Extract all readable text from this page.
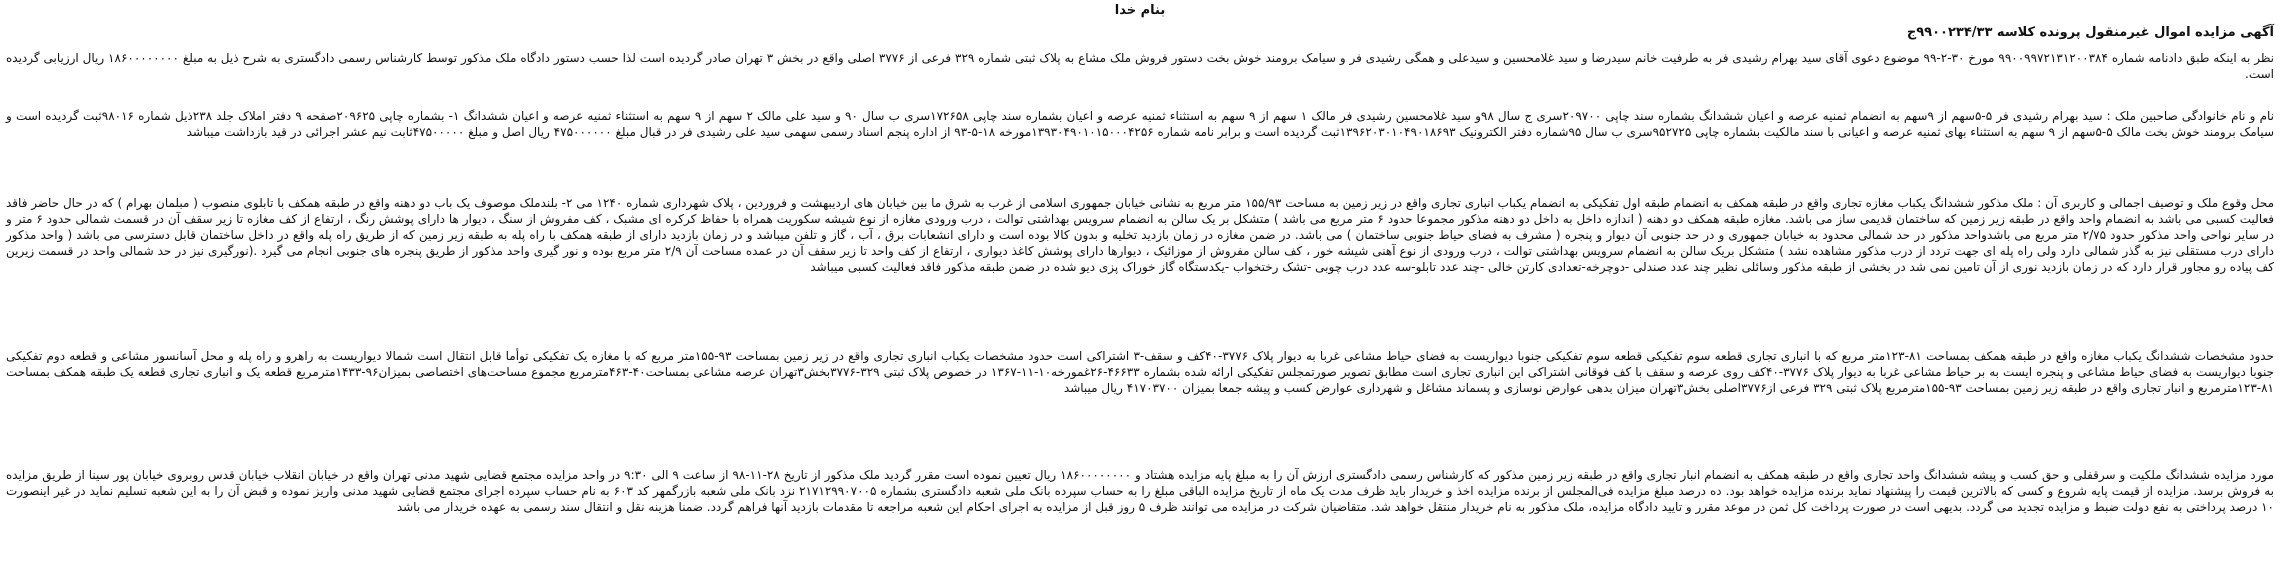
بنام خدا
آگهی مزایده اموال غیرمنقول پرونده کلاسه ۹۹۰۰۲۳۴/۳۳ج

نظر به اینکه طبق دادنامه شماره ۹۹۰۰۹۹۷۲۱۳۱۲۰۰۳۸۴ مورخ ۳۰-۲-۹۹ موضوع دعوی آقای سید بهرام رشیدی فر به طرفیت خانم سیدرضا و سید غلامحسین و سیدعلی و همگی رشیدی فر و سیامک برومند خوش بخت دستور فروش ملک مشاع به پلاک ثبتی شماره ۳۲۹ فرعی از ۳۷۷۶ اصلی واقع در بخش ۳ تهران صادر گردیده است لذا حسب دستور دادگاه ملک مذکور توسط کارشناس رسمی دادگستری به شرح ذیل به مبلغ ۱۸۶۰۰۰۰۰۰۰۰ ریال ارزیابی گردیده است.

نام و نام خانوادگی صاحبین ملک : سید بهرام رشیدی فر ۵-۵سهم از ۹سهم به انضمام ثمنیه عرصه و اعیان ششدانگ بشماره سند چاپی ۲۰۹۷۰۰سری ج سال ۹۸و سید غلامحسین رشیدی فر مالک ۱ سهم از ۹ سهم به استثناء ثمنیه عرصه و اعیان بشماره سند چاپی ۱۷۲۶۵۸سری ب سال ۹۰ و سید علی مالک ۲ سهم از ۹ سهم به استثناء ثمنیه عرصه و اعیان ششدانگ ۱- بشماره چاپی ۲۰۹۶۲۵صفحه ۹ دفتر املاک جلد ۲۳۸ذیل شماره ۹۸۰۱۶ثبت گردیده است و سیامک برومند خوش بخت مالک ۵-۵سهم از ۹ سهم به استثناء بهای ثمنیه عرصه و اعیانی با سند مالکیت بشماره چاپی ۹۵۲۷۲۵سری ب سال ۹۵شماره دفتر الکترونیک ۱۳۹۶۲۰۳۰۱۰۴۹۰۱۸۶۹۳ثبت گردیده است و برابر نامه شماره ۱۳۹۳۰۴۹۰۱۰۱۵۰۰۰۴۲۵۶مورخه ۱۸-۵-۹۳ از اداره پنجم اسناد رسمی سهمی سید علی رشیدی فر در قبال مبلغ ۴۷۵۰۰۰۰۰۰ ریال اصل و مبلغ ۴۷۵۰۰۰۰۰ثابت نیم عشر اجرائی در قید بازداشت میباشد

محل وقوع ملک و توصیف اجمالی و کاربری آن : ملک مذکور ششدانگ یکباب مغازه تجاری واقع در طبقه همکف به انضمام طبقه اول تفکیکی به انضمام یکباب انباری تجاری واقع در زیر زمین به مساحت ۱۵۵/۹۳ متر مربع به نشانی خیابان جمهوری اسلامی از غرب به شرق ما بین خیابان های اردیبهشت و فروردین ، پلاک شهرداری شماره ۱۲۴۰ می ۲- بلندملک موصوف یک باب دو دهنه واقع در طبقه همکف با تابلوی منصوب ( مبلمان بهرام ) که در حال حاضر فاقد فعالیت کسبی می باشد به انضمام واحد واقع در طبقه زیر زمین که ساختمان قدیمی ساز می باشد. مغازه طبقه همکف دو دهنه ( اندازه داخل به داخل دو دهنه مذکور مجموعا حدود ۶ متر مربع می باشد ) متشکل بر یک سالن به انضمام سرویس بهداشتی توالت ، درب ورودی مغازه از نوع شیشه سکوریت همراه با حفاظ کرکره ای مشبک ، کف مفروش از سنگ ، دیوار ها دارای پوشش رنگ ، ارتفاع از کف مغازه تا زیر سقف آن در قسمت شمالی حدود ۶ متر و در سایر نواحی واحد مذکور حدود ۲/۷۵ متر مربع می باشدواحد مذکور در حد شمالی محدود به خیابان جمهوری و در حد جنوبی آن دیوار و پنجره ( مشرف به فضای حیاط جنوبی ساختمان ) می باشد. در ضمن مغازه در زمان بازدید تخلیه و بدون کالا بوده است و دارای انشعابات برق ، آب ، گاز و تلفن میباشد و در زمان بازدید دارای از طبقه همکف با راه پله به طبقه زیر زمین که از طریق راه پله واقع در داخل ساختمان قابل دسترسی می باشد ( واحد مذکور دارای درب مستقلی نیز به گذر شمالی دارد ولی راه پله ای جهت تردد از درب مذکور مشاهده نشد ) متشکل بریک سالن به انضمام سرویس بهداشتی توالت ، درب ورودی از نوع آهنی شیشه خور ، کف سالن مفروش از موزائیک ، دیوارها دارای پوشش کاغذ دیواری ، ارتفاع از کف واحد تا زیر سقف آن در عمده مساحت آن ۲/۹ متر مربع بوده و نور گیری واحد مذکور از طریق پنجره های جنوبی انجام می گیرد .(نورگیری نیز در حد شمالی واحد در قسمت زیرین کف پیاده رو مجاور قرار دارد که در زمان بازدید نوری از آن تامین نمی شد در بخشی از طبقه مذکور وسائلی نظیر چند عدد صندلی -دوچرخه-تعدادی کارتن خالی -چند عدد تابلو-سه عدد درب چوبی -تشک رختخواب -یکدستگاه گاز خوراک پزی دیو شده در ضمن طبقه مذکور فاقد فعالیت کسبی میباشد

حدود مشخصات ششدانگ یکباب مغازه واقع در طبقه همکف بمساحت ۸۱-۱۲۳متر مربع که با انباری تجاری قطعه سوم تفکیکی قطعه سوم تفکیکی جنوبا دیواریست به فضای حیاط مشاعی غربا به دیوار پلاک ۳۷۷۶-۴۰کف و سقف-۳ اشتراکی است حدود مشخصات یکباب انباری تجاری واقع در زیر زمین بمساحت ۹۳-۱۵۵متر مربع که با مغازه یک تفکیکی توأما قابل انتقال است شمالا دیواریست به راهرو و راه پله و محل آسانسور مشاعی و قطعه دوم تفکیکی جنوبا دیواریست به فضای حیاط مشاعی و پنجره ایست به بر حیاط مشاعی غربا به دیوار پلاک ۳۷۷۶-۴۰کف روی عرصه و سقف با کف فوقانی اشتراکی این انباری تجاری است مطابق تصویر صورتمجلس تفکیکی ارائه شده بشماره ۴۶۶۳۳-۲۶غمورخه۱۰-۱۱-۱۳۶۷ در خصوص پلاک ثبتی ۳۲۹-۳۷۷۶بخش۳تهران عرصه مشاعی بمساحت۴۰-۴۶۳مترمربع مجموع مساحت‌های اختصاصی بمیزان۹۶-۱۴۳۳مترمربع قطعه یک و انباری تجاری قطعه یک طبقه همکف بمساحت ۸۱-۱۲۳مترمربع و انبار تجاری واقع در طبقه زیر زمین بمساحت ۹۳-۱۵۵مترمربع پلاک ثبتی ۳۲۹ فرعی از۳۷۷۶اصلی بخش۳تهران میزان بدهی عوارض نوسازی و پسماند مشاغل و شهرداری عوارض کسب و پیشه جمعا بمیزان ۴۱۷۰۳۷۰۰ ریال میباشد

مورد مزایده ششدانگ ملکیت و سرقفلی و حق کسب و پیشه ششدانگ واحد تجاری واقع در طبقه همکف به انضمام انبار تجاری واقع در طبقه زیر زمین مذکور که کارشناس رسمی دادگستری ارزش آن را به مبلغ پایه مزایده هشتاد و ۱۸۶۰۰۰۰۰۰۰۰ ریال تعیین نموده است مقرر گردید ملک مذکور از تاریخ ۲۸-۱۱-۹۸ از ساعت ۹ الی ۹:۳۰ در واحد مزایده مجتمع قضایی شهید مدنی تهران واقع در خیابان انقلاب خیابان قدس روبروی خیابان پور سینا از طریق مزایده به فروش برسد. مزایده از قیمت پایه شروع و کسی که بالاترین قیمت را پیشنهاد نماید برنده مزایده خواهد بود. ده درصد مبلغ مزایده فی‌المجلس از برنده مزایده اخذ و خریدار باید ظرف مدت یک ماه از تاریخ مزایده الباقی مبلغ را به حساب سپرده بانک ملی شعبه دادگستری بشماره ۲۱۷۱۲۹۹۰۷۰۰۵ نزد بانک ملی شعبه بازرگمهر کد ۶۰۳ به نام حساب سپرده اجرای مجتمع قضایی شهید مدنی واریز نموده و قبض آن را به این شعبه تسلیم نماید در غیر اینصورت ۱۰ درصد پرداختی به نفع دولت ضبط و مزایده تجدید می گردد. بدیهی است در صورت پرداخت کل ثمن در موعد مقرر و تایید دادگاه مزایده، ملک مذکور به نام خریدار منتقل خواهد شد. متقاضیان شرکت در مزایده می توانند ظرف ۵ روز قبل از مزایده به اجرای احکام این شعبه مراجعه تا مقدمات بازدید آنها فراهم گردد. ضمنا هزینه نقل و انتقال سند رسمی به عهده خریدار می باشد
